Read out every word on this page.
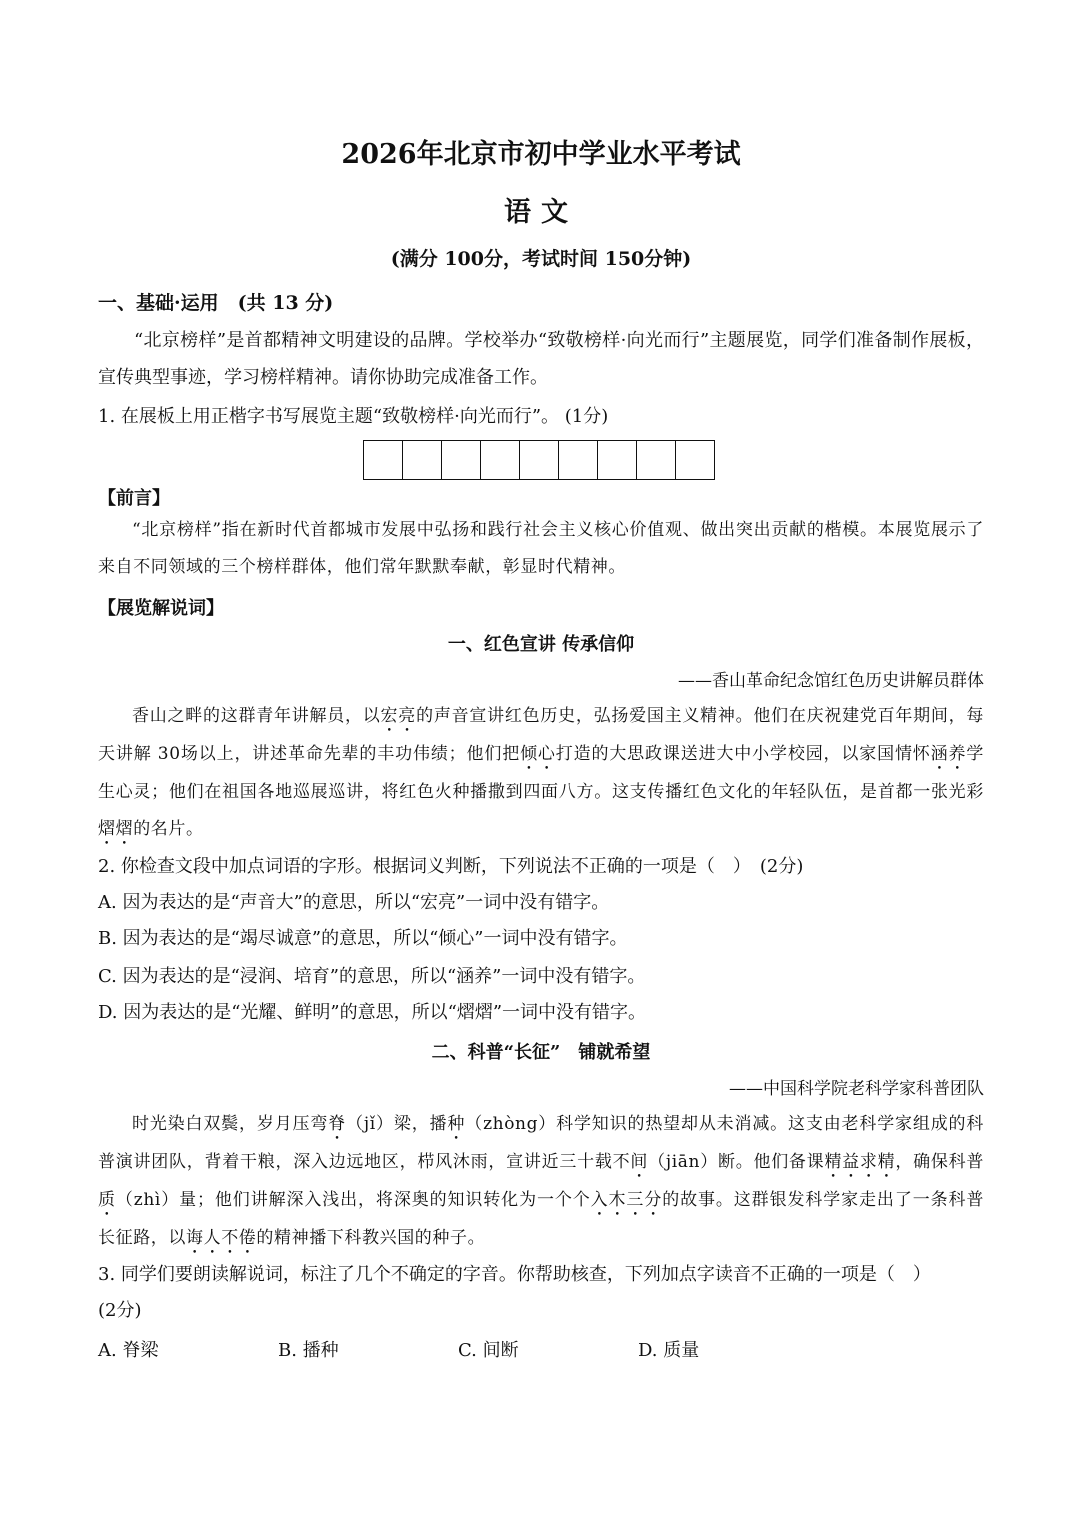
2026年北京市初中学业水平考试
语文
(满分 100分，考试时间 150分钟)
一、基础·运用　(共 13 分)
“北京榜样”是首都精神文明建设的品牌。学校举办“致敬榜样·向光而行”主题展览，同学们准备制作展板，宣传典型事迹，学习榜样精神。请你协助完成准备工作。
1. 在展板上用正楷字书写展览主题“致敬榜样·向光而行”。 (1分)
【前言】
“北京榜样”指在新时代首都城市发展中弘扬和践行社会主义核心价值观、做出突出贡献的楷模。本展览展示了来自不同领域的三个榜样群体，他们常年默默奉献，彰显时代精神。
【展览解说词】
一、红色宣讲 传承信仰
——香山革命纪念馆红色历史讲解员群体
香山之畔的这群青年讲解员，以宏亮的声音宣讲红色历史，弘扬爱国主义精神。他们在庆祝建党百年期间，每天讲解 30场以上，讲述革命先辈的丰功伟绩；他们把倾心打造的大思政课送进大中小学校园，以家国情怀涵养学生心灵；他们在祖国各地巡展巡讲，将红色火种播撒到四面八方。这支传播红色文化的年轻队伍，是首都一张光彩熠熠的名片。
2. 你检查文段中加点词语的字形。根据词义判断，下列说法不正确的一项是（　）　(2分)
A. 因为表达的是“声音大”的意思，所以“宏亮”一词中没有错字。
B. 因为表达的是“竭尽诚意”的意思，所以“倾心”一词中没有错字。
C. 因为表达的是“浸润、培育”的意思，所以“涵养”一词中没有错字。
D. 因为表达的是“光耀、鲜明”的意思，所以“熠熠”一词中没有错字。
二、科普“长征”　铺就希望
——中国科学院老科学家科普团队
时光染白双鬓，岁月压弯脊（jǐ）梁，播种（zhòng）科学知识的热望却从未消减。这支由老科学家组成的科普演讲团队，背着干粮，深入边远地区，栉风沐雨，宣讲近三十载不间（jiān）断。他们备课精益求精，确保科普质（zhì）量；他们讲解深入浅出，将深奥的知识转化为一个个入木三分的故事。这群银发科学家走出了一条科普长征路，以诲人不倦的精神播下科教兴国的种子。
3. 同学们要朗读解说词，标注了几个不确定的字音。你帮助核查，下列加点字读音不正确的一项是（　）
(2分)
A. 脊梁	B. 播种	C. 间断	D. 质量
